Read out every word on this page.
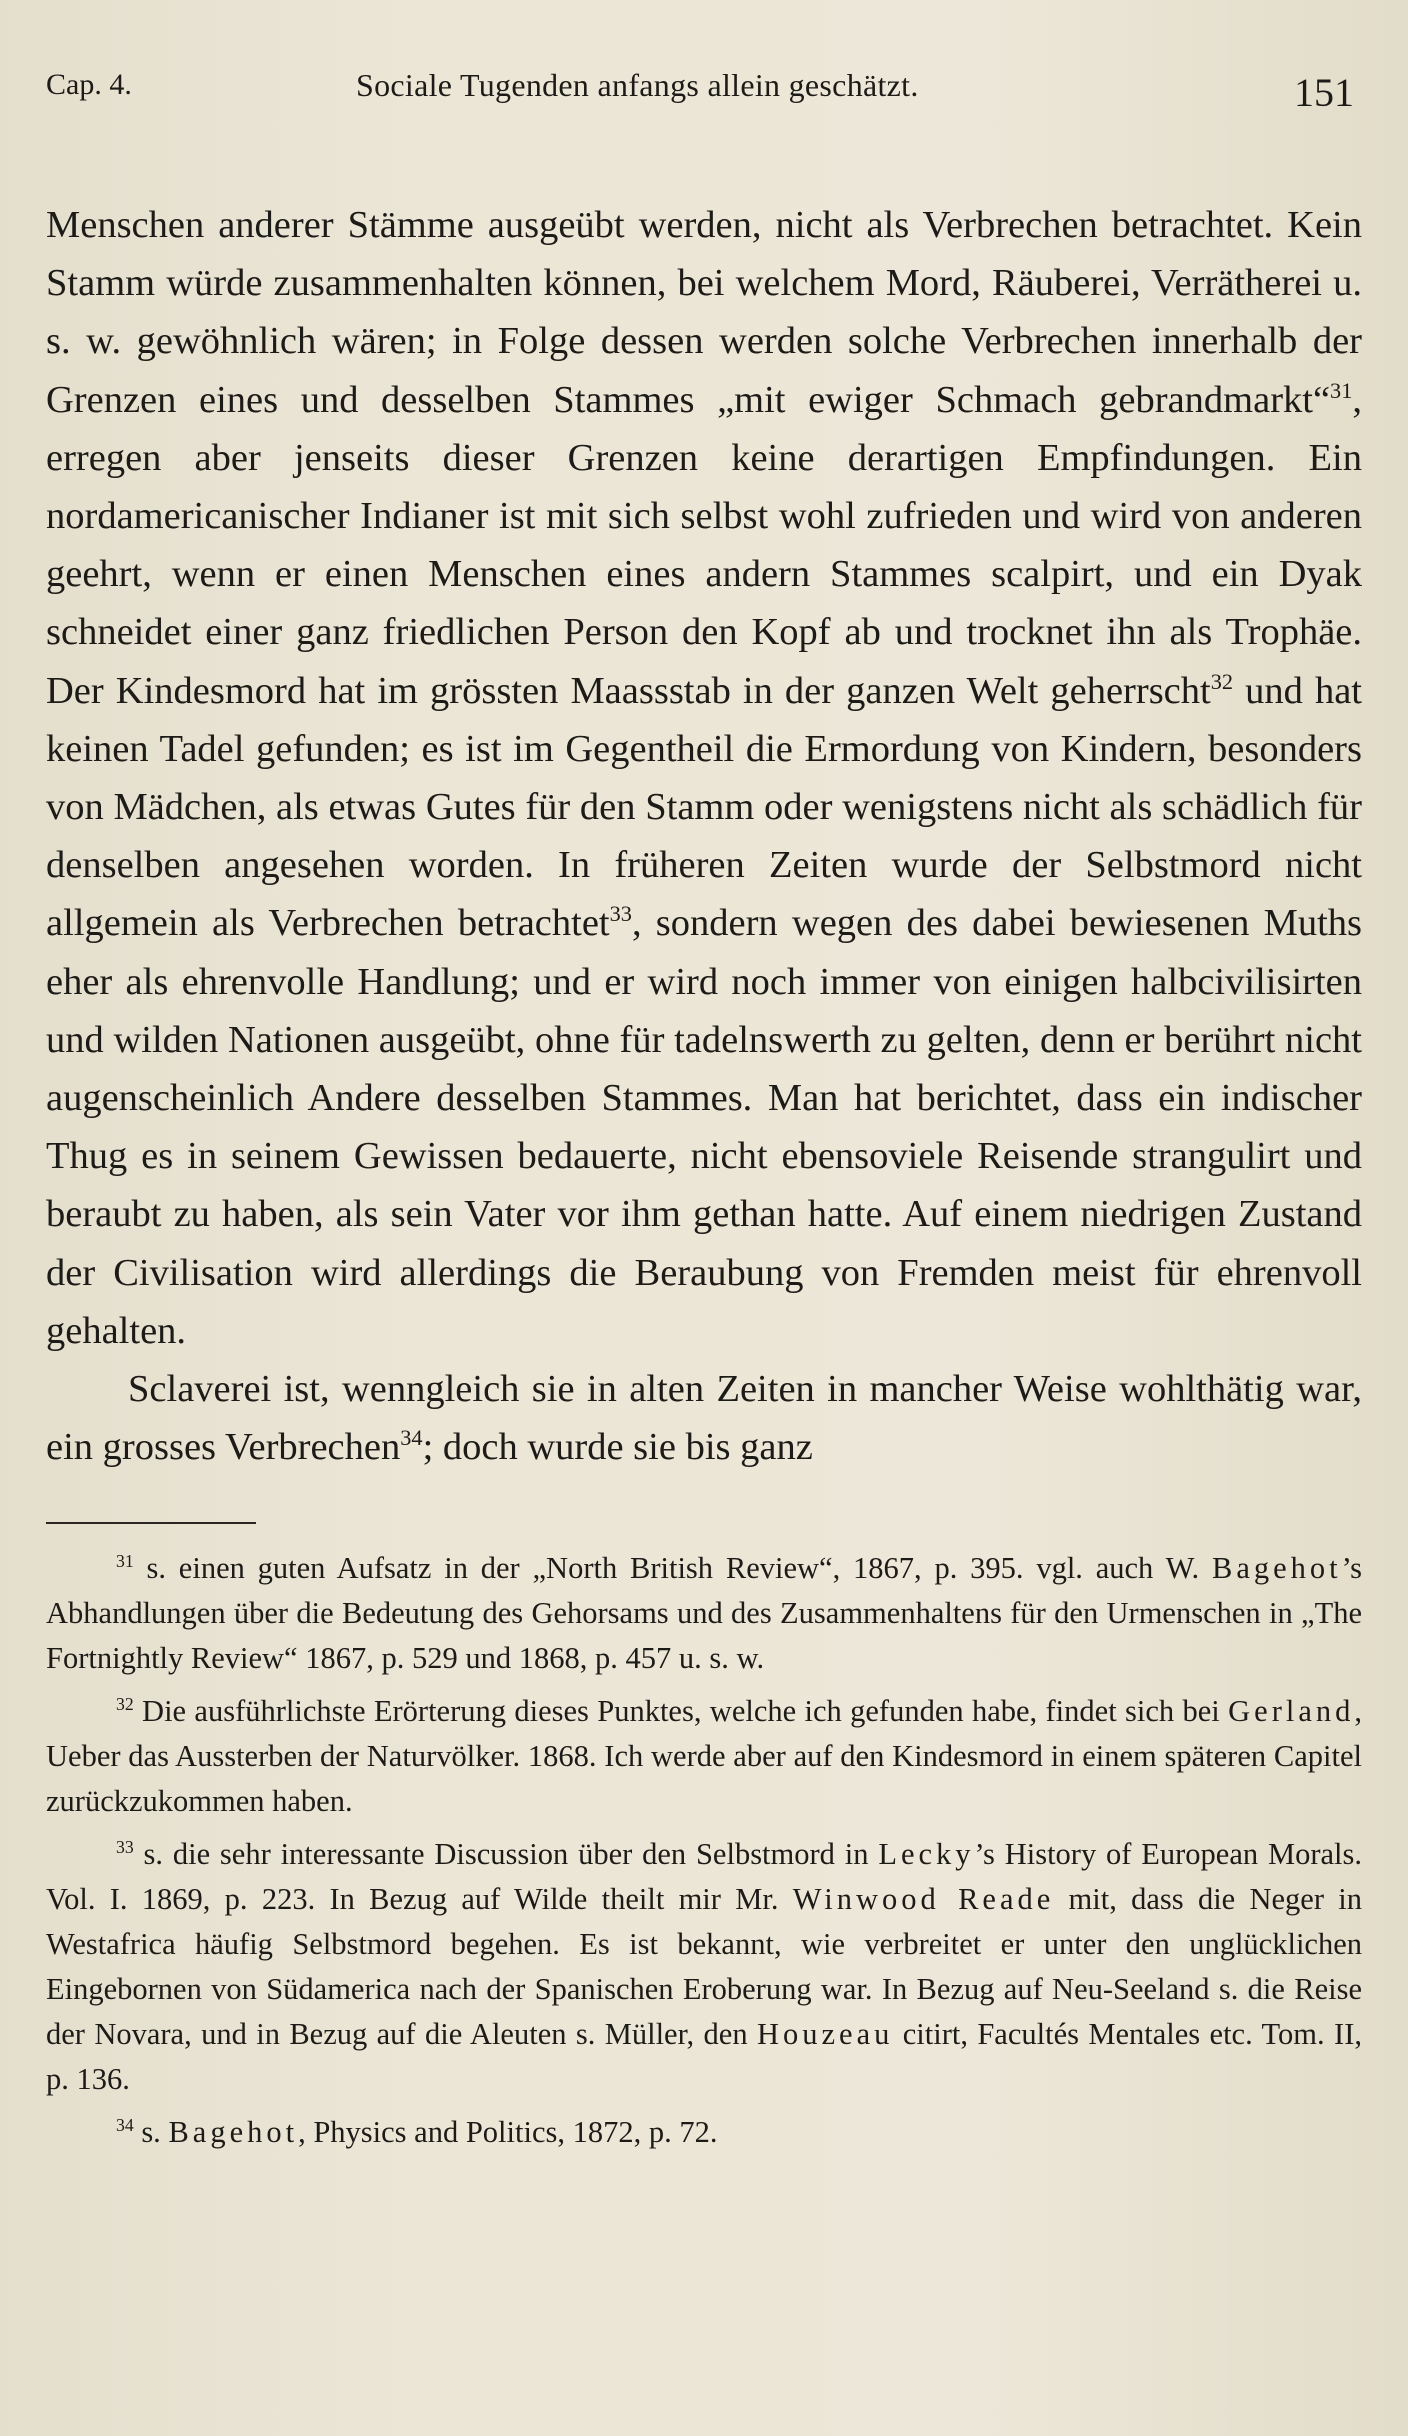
Cap. 4.	Sociale Tugenden anfangs allein geschätzt.	151

Menschen anderer Stämme ausgeübt werden, nicht als Verbrechen betrachtet. Kein Stamm würde zusammenhalten können, bei welchem Mord, Räuberei, Verrätherei u. s. w. gewöhnlich wären; in Folge dessen werden solche Verbrechen innerhalb der Grenzen eines und desselben Stammes „mit ewiger Schmach gebrandmarkt“$^{31}$, erregen aber jenseits dieser Grenzen keine derartigen Empfindungen. Ein nordamericanischer Indianer ist mit sich selbst wohl zufrieden und wird von anderen geehrt, wenn er einen Menschen eines andern Stammes scalpirt, und ein Dyak schneidet einer ganz friedlichen Person den Kopf ab und trocknet ihn als Trophäe. Der Kindesmord hat im grössten Maassstab in der ganzen Welt geherrscht$^{32}$ und hat keinen Tadel gefunden; es ist im Gegentheil die Ermordung von Kindern, besonders von Mädchen, als etwas Gutes für den Stamm oder wenigstens nicht als schädlich für denselben angesehen worden. In früheren Zeiten wurde der Selbstmord nicht allgemein als Verbrechen betrachtet$^{33}$, sondern wegen des dabei bewiesenen Muths eher als ehrenvolle Handlung; und er wird noch immer von einigen halbcivilisirten und wilden Nationen ausgeübt, ohne für tadelnswerth zu gelten, denn er berührt nicht augenscheinlich Andere desselben Stammes. Man hat berichtet, dass ein indischer Thug es in seinem Gewissen bedauerte, nicht ebensoviele Reisende strangulirt und beraubt zu haben, als sein Vater vor ihm gethan hatte. Auf einem niedrigen Zustand der Civilisation wird allerdings die Beraubung von Fremden meist für ehrenvoll gehalten.

Sclaverei ist, wenngleich sie in alten Zeiten in mancher Weise wohlthätig war, ein grosses Verbrechen$^{34}$; doch wurde sie bis ganz

$^{31}$ s. einen guten Aufsatz in der „North British Review“, 1867, p. 395. vgl. auch W. Bagehot’s Abhandlungen über die Bedeutung des Gehorsams und des Zusammenhaltens für den Urmenschen in „The Fortnightly Review“ 1867, p. 529 und 1868, p. 457 u. s. w.

$^{32}$ Die ausführlichste Erörterung dieses Punktes, welche ich gefunden habe, findet sich bei Gerland, Ueber das Aussterben der Naturvölker. 1868. Ich werde aber auf den Kindesmord in einem späteren Capitel zurückzukommen haben.

$^{33}$ s. die sehr interessante Discussion über den Selbstmord in Lecky’s History of European Morals. Vol. I. 1869, p. 223. In Bezug auf Wilde theilt mir Mr. Winwood Reade mit, dass die Neger in Westafrica häufig Selbstmord begehen. Es ist bekannt, wie verbreitet er unter den unglücklichen Eingebornen von Südamerica nach der Spanischen Eroberung war. In Bezug auf Neu-Seeland s. die Reise der Novara, und in Bezug auf die Aleuten s. Müller, den Houzeau citirt, Facultés Mentales etc. Tom. II, p. 136.

$^{34}$ s. Bagehot, Physics and Politics, 1872, p. 72.
